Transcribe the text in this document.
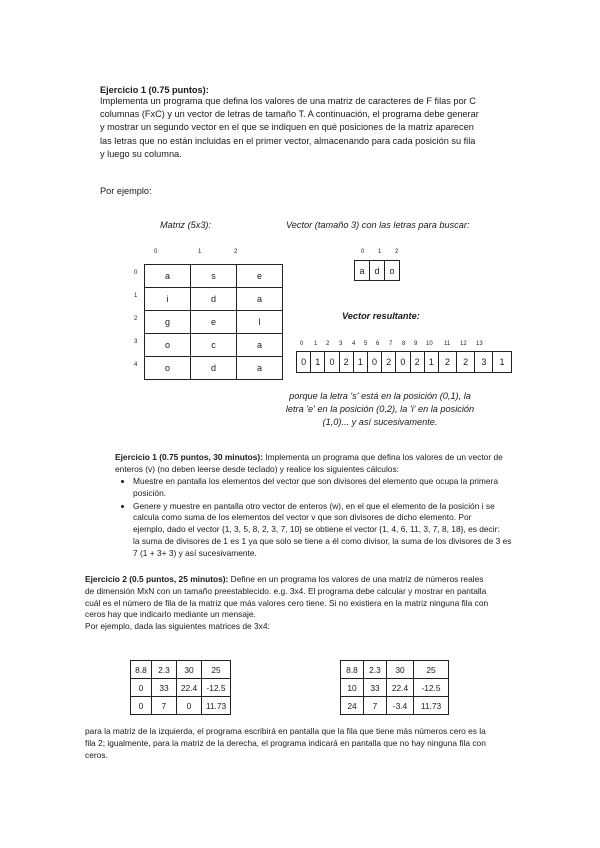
Ejercicio 1 (0.75 puntos):
Implementa un programa que defina los valores de una matriz de caracteres de F filas por C
columnas (FxC) y un vector de letras de tamaño T. A continuación, el programa debe generar
y mostrar un segundo vector en el que se indiquen en qué posiciones de la matriz aparecen
las letras que no están incluidas en el primer vector, almacenando para cada posición su fila
y luego su columna.
Por ejemplo:
Matriz (5x3):	Vector (tamaño 3) con las letras para buscar:
0	1	2
0
1
2
3
4
a	s	e
i	d	a
g	e	l
o	c	a
o	d	a
0 1 2
a	d	o
Vector resultante:
0 1 2 3 4 5 6 7 8 9 10 11 12 13
0	1	0	2	1	0	2	0	2	1	2	2	3	1
porque la letra 's' está en la posición (0,1), la
letra 'e' en la posición (0,2), la 'i' en la posición
(1,0)... y así sucesivamente.
Ejercicio 1 (0.75 puntos, 30 minutos): Implementa un programa que defina los valores de un vector de
enteros (v) (no deben leerse desde teclado) y realice los siguientes cálculos:
• Muestre en pantalla los elementos del vector que son divisores del elemento que ocupa la primera posición.
• Genere y muestre en pantalla otro vector de enteros (w), en el que el elemento de la posición i se
calcula como suma de los elementos del vector v que son divisores de dicho elemento. Por
ejemplo, dado el vector {1, 3, 5, 8, 2, 3, 7, 10} se obtiene el vector {1, 4, 6, 11, 3, 7, 8, 18}, es decir:
la suma de divisores de 1 es 1 ya que solo se tiene a él como divisor, la suma de los divisores de 3 es
7 (1 + 3+ 3) y así sucesivamente.
Ejercicio 2 (0.5 puntos, 25 minutos): Define en un programa los valores de una matriz de números reales
de dimensión MxN con un tamaño preestablecido. e.g. 3x4. El programa debe calcular y mostrar en pantalla
cuál es el número de fila de la matriz que más valores cero tiene. Si no existiera en la matriz ninguna fila con
ceros hay que indicarlo mediante un mensaje.
Por ejemplo, dada las siguientes matrices de 3x4:
8.8	2.3	30	25
0	33	22.4	-12.5
0	7	0	11.73
8.8	2.3	30	25
10	33	22.4	-12.5
24	7	-3.4	11.73
para la matriz de la izquierda, el programa escribirá en pantalla que la fila que tiene más números cero es la
fila 2; igualmente, para la matriz de la derecha, el programa indicará en pantalla que no hay ninguna fila con
ceros.
